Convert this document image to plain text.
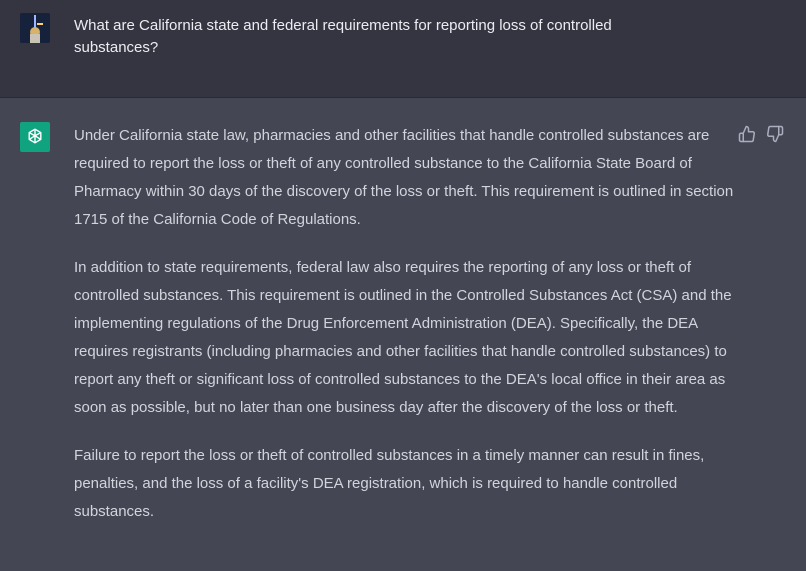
What are California state and federal requirements for reporting loss of controlled substances?

Under California state law, pharmacies and other facilities that handle controlled substances are required to report the loss or theft of any controlled substance to the California State Board of Pharmacy within 30 days of the discovery of the loss or theft. This requirement is outlined in section 1715 of the California Code of Regulations.

In addition to state requirements, federal law also requires the reporting of any loss or theft of controlled substances. This requirement is outlined in the Controlled Substances Act (CSA) and the implementing regulations of the Drug Enforcement Administration (DEA). Specifically, the DEA requires registrants (including pharmacies and other facilities that handle controlled substances) to report any theft or significant loss of controlled substances to the DEA's local office in their area as soon as possible, but no later than one business day after the discovery of the loss or theft.

Failure to report the loss or theft of controlled substances in a timely manner can result in fines, penalties, and the loss of a facility's DEA registration, which is required to handle controlled substances.
